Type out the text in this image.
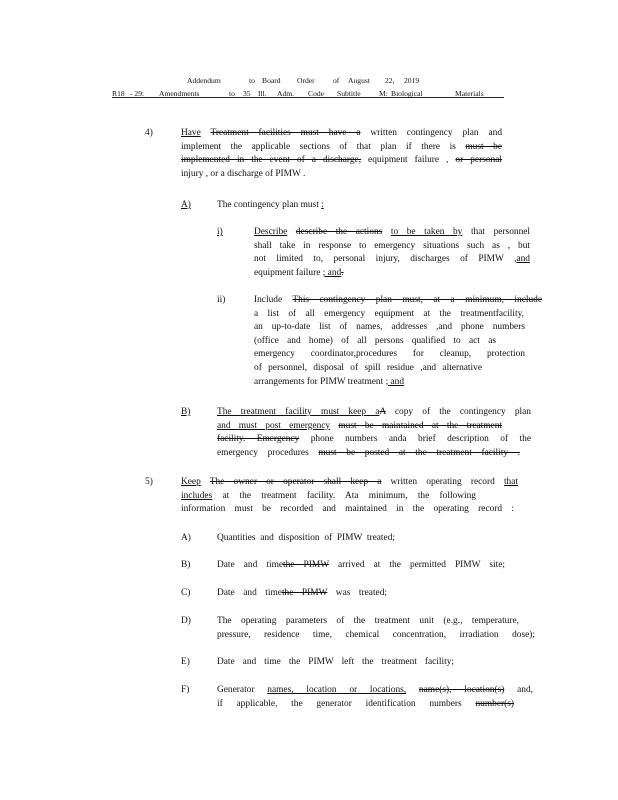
Addendum	to Board Order of August 22, 2019
R18 - 29: Amendments	to 35 Ill. Adm. Code Subtitle M: Biological	Materials
4)	Have Treatment facilities must have a written contingency plan and
implement the applicable sections of that plan if there is must be
implemented in the event of a discharge, equipment failure , or personal
injury , or a discharge of PIMW .
A)	The contingency plan must :
i)	Describe describe the actions to be taken by that personnel
shall take in response to emergency situations such as , but
not limited to, personal injury, discharges of PIMW ,and
equipment failure ; and.
ii)	Include This contingency plan must, at a minimum, include
a list of all emergency equipment at the treatmentfacility,
an up-to-date list of names, addresses ,and phone numbers
(office and home) of all persons qualified to act as
emergency coordinator,procedures for cleanup, protection
of personnel, disposal of spill residue ,and alternative
arrangements for PIMW treatment ; and
B)	The treatment facility must keep aA copy of the contingency plan
and must post emergency must be maintained at the treatment
facility. Emergency phone numbers anda brief description of the
emergency procedures must be posted at the treatment facility .
5)	Keep The owner or operator shall keep a written operating record that
includes at the treatment facility. Ata minimum, the following
information must be recorded and maintained in the operating record :
A)	Quantities and disposition of PIMW treated;
B)	Date and timethe PIMW arrived at the permitted PIMW site;
C)	Date and timethe PIMW was treated;
D)	The operating parameters of the treatment unit (e.g., temperature,
pressure, residence time, chemical concentration, irradiation dose);
E)	Date and time the PIMW left the treatment facility;
F)	Generator names, location or locations, name(s), location(s) and,
if applicable, the generator identification numbers number(s)
